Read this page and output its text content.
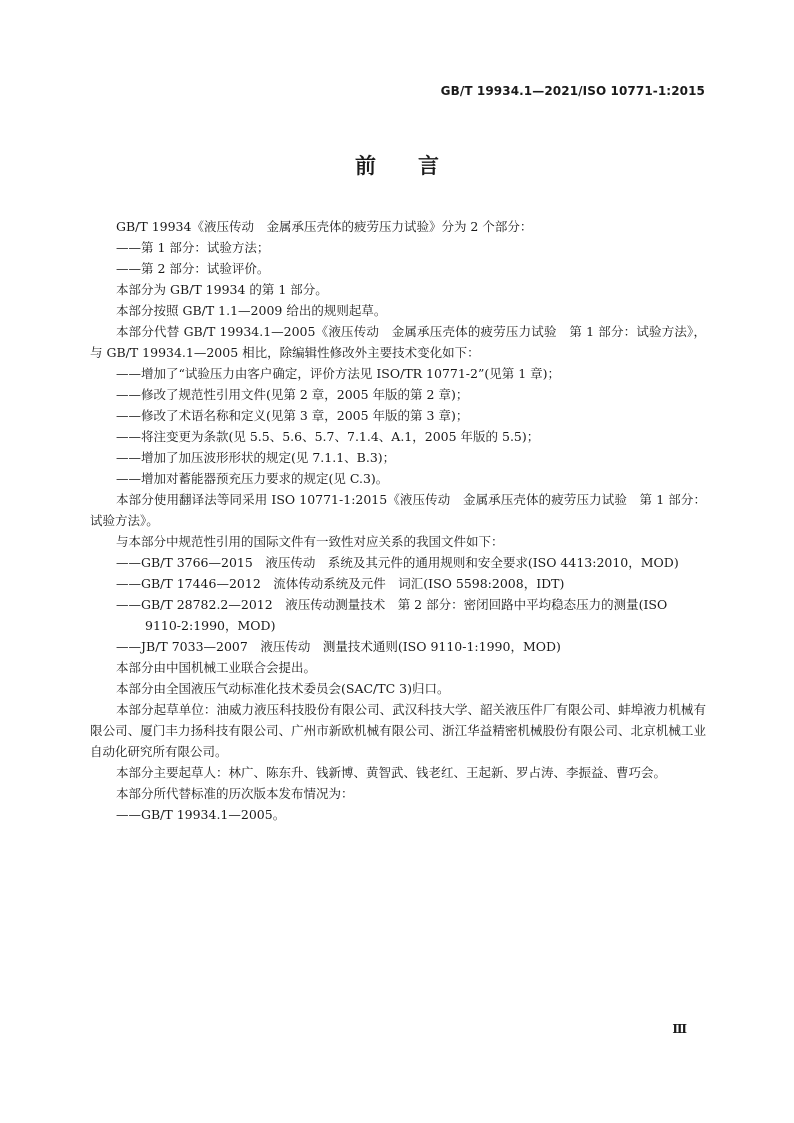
GB/T 19934.1—2021/ISO 10771-1:2015
前言

GB/T 19934《液压传动　金属承压壳体的疲劳压力试验》分为 2 个部分：

——第 1 部分：试验方法；

——第 2 部分：试验评价。

本部分为 GB/T 19934 的第 1 部分。

本部分按照 GB/T 1.1—2009 给出的规则起草。

本部分代替 GB/T 19934.1—2005《液压传动　金属承压壳体的疲劳压力试验　第 1 部分：试验方法》，与 GB/T 19934.1—2005 相比，除编辑性修改外主要技术变化如下：

——增加了“试验压力由客户确定，评价方法见 ISO/TR 10771-2”(见第 1 章)；

——修改了规范性引用文件(见第 2 章，2005 年版的第 2 章)；

——修改了术语名称和定义(见第 3 章，2005 年版的第 3 章)；

——将注变更为条款(见 5.5、5.6、5.7、7.1.4、A.1，2005 年版的 5.5)；

——增加了加压波形形状的规定(见 7.1.1、B.3)；

——增加对蓄能器预充压力要求的规定(见 C.3)。

本部分使用翻译法等同采用 ISO 10771-1:2015《液压传动　金属承压壳体的疲劳压力试验　第 1 部分：试验方法》。

与本部分中规范性引用的国际文件有一致性对应关系的我国文件如下：

——GB/T 3766—2015　液压传动　系统及其元件的通用规则和安全要求(ISO 4413:2010，MOD)

——GB/T 17446—2012　流体传动系统及元件　词汇(ISO 5598:2008，IDT)

——GB/T 28782.2—2012　液压传动测量技术　第 2 部分：密闭回路中平均稳态压力的测量(ISO 9110-2:1990，MOD)

——JB/T 7033—2007　液压传动　测量技术通则(ISO 9110-1:1990，MOD)

本部分由中国机械工业联合会提出。

本部分由全国液压气动标准化技术委员会(SAC/TC 3)归口。

本部分起草单位：油威力液压科技股份有限公司、武汉科技大学、韶关液压件厂有限公司、蚌埠液力机械有限公司、厦门丰力扬科技有限公司、广州市新欧机械有限公司、浙江华益精密机械股份有限公司、北京机械工业自动化研究所有限公司。

本部分主要起草人：林广、陈东升、钱新博、黄智武、钱老红、王起新、罗占涛、李振益、曹巧会。

本部分所代替标准的历次版本发布情况为：

——GB/T 19934.1—2005。

Ⅲ
